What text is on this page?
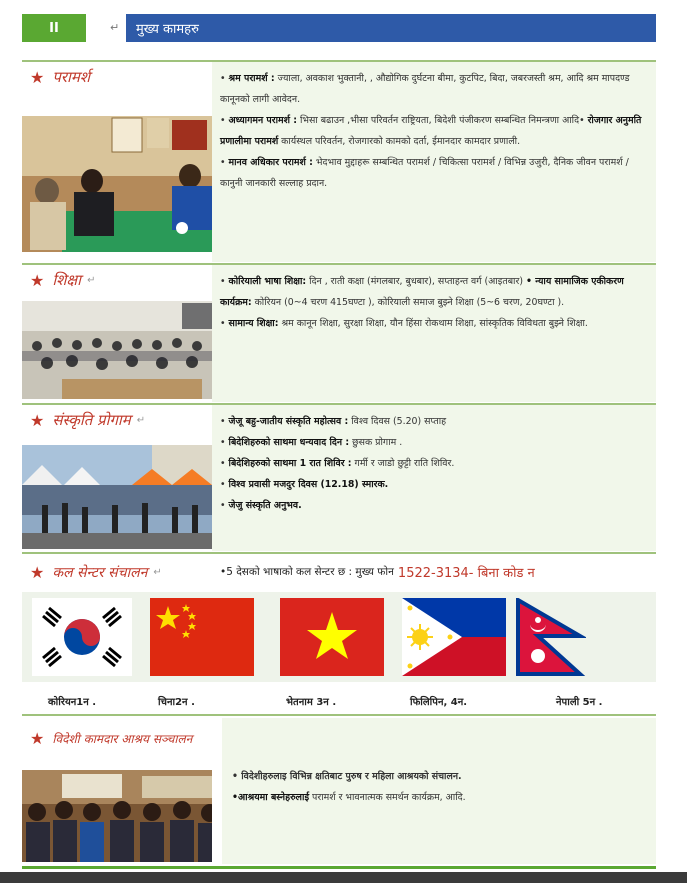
II	↵	मुख्य कामहरु
★ परामर्श	• श्रम परामर्श : ज्याला, अवकाश भुक्तानी, , औद्योगिक दुर्घटना बीमा, कुटपिट, बिदा, जबरजस्ती श्रम, आदि श्रम मापदण्ड कानूनको लागी आवेदन.

• अध्यागमन परामर्श : भिसा बढाउन ,भीसा परिवर्तन राष्ट्रियता, बिदेशी पंजीकरण सम्बन्धित निमन्त्रणा आदि• रोजगार अनुमति प्रणालीमा परामर्श कार्यस्थल परिवर्तन, रोजगारको कामको दर्ता, ईमानदार कामदार प्रणाली.

• मानव अधिकार परामर्श : भेदभाव मुद्दाहरू सम्बन्धित परामर्श / चिकित्सा परामर्श / विभिन्न उजुरी, दैनिक जीवन परामर्श / कानुनी जानकारी सल्लाह प्रदान.

★ शिक्षा ↵	• कोरियाली भाषा शिक्षा: दिन , राती कक्षा (मंगलबार, बुधबार), सप्ताहन्त वर्ग (आइतबार) • न्याय सामाजिक एकीकरण कार्यक्रम: कोरियन (0~4 चरण 415घण्टा ), कोरियाली समाज बुझ्ने शिक्षा (5~6 चरण, 20घण्टा ).

• सामान्य शिक्षा: श्रम कानून शिक्षा, सुरक्षा शिक्षा, यौन हिंसा रोकथाम शिक्षा, सांस्कृतिक विविधता बुझ्ने शिक्षा.

★ संस्कृति प्रोगाम ↵	• जेजू बहु-जातीय संस्कृति महोत्सव : विश्व दिवस (5.20) सप्ताह

• बिदेशिहरुको साथमा धन्यवाद दिन : छुसक प्रोगाम .

• बिदेशिहरुको साथमा 1 रात शिविर : गर्मी र जाडो छुट्टी राति शिविर.

• विश्व प्रवासी मजदुर दिवस (12.18) स्मारक.

• जेजु संस्कृति अनुभव.

★ कल सेन्टर संचालन ↵	•5 देसको भाषाको कल सेन्टर छ : मुख्य फोन 1522-3134- बिना कोड न
कोरियन1न .	चिना2न .	भेतनाम 3न .	फिलिपिन, 4न.	नेपाली 5न .
★ विदेशी कामदार आश्रय सञ्चालन

• विदेशीहरुलाइ विभिन्न क्षतिबाट पुरुष र महिला आश्रयको संचालन.

•आश्रयमा बस्नेहरुलाई परामर्श र भावनात्मक समर्थन कार्यक्रम, आदि.
